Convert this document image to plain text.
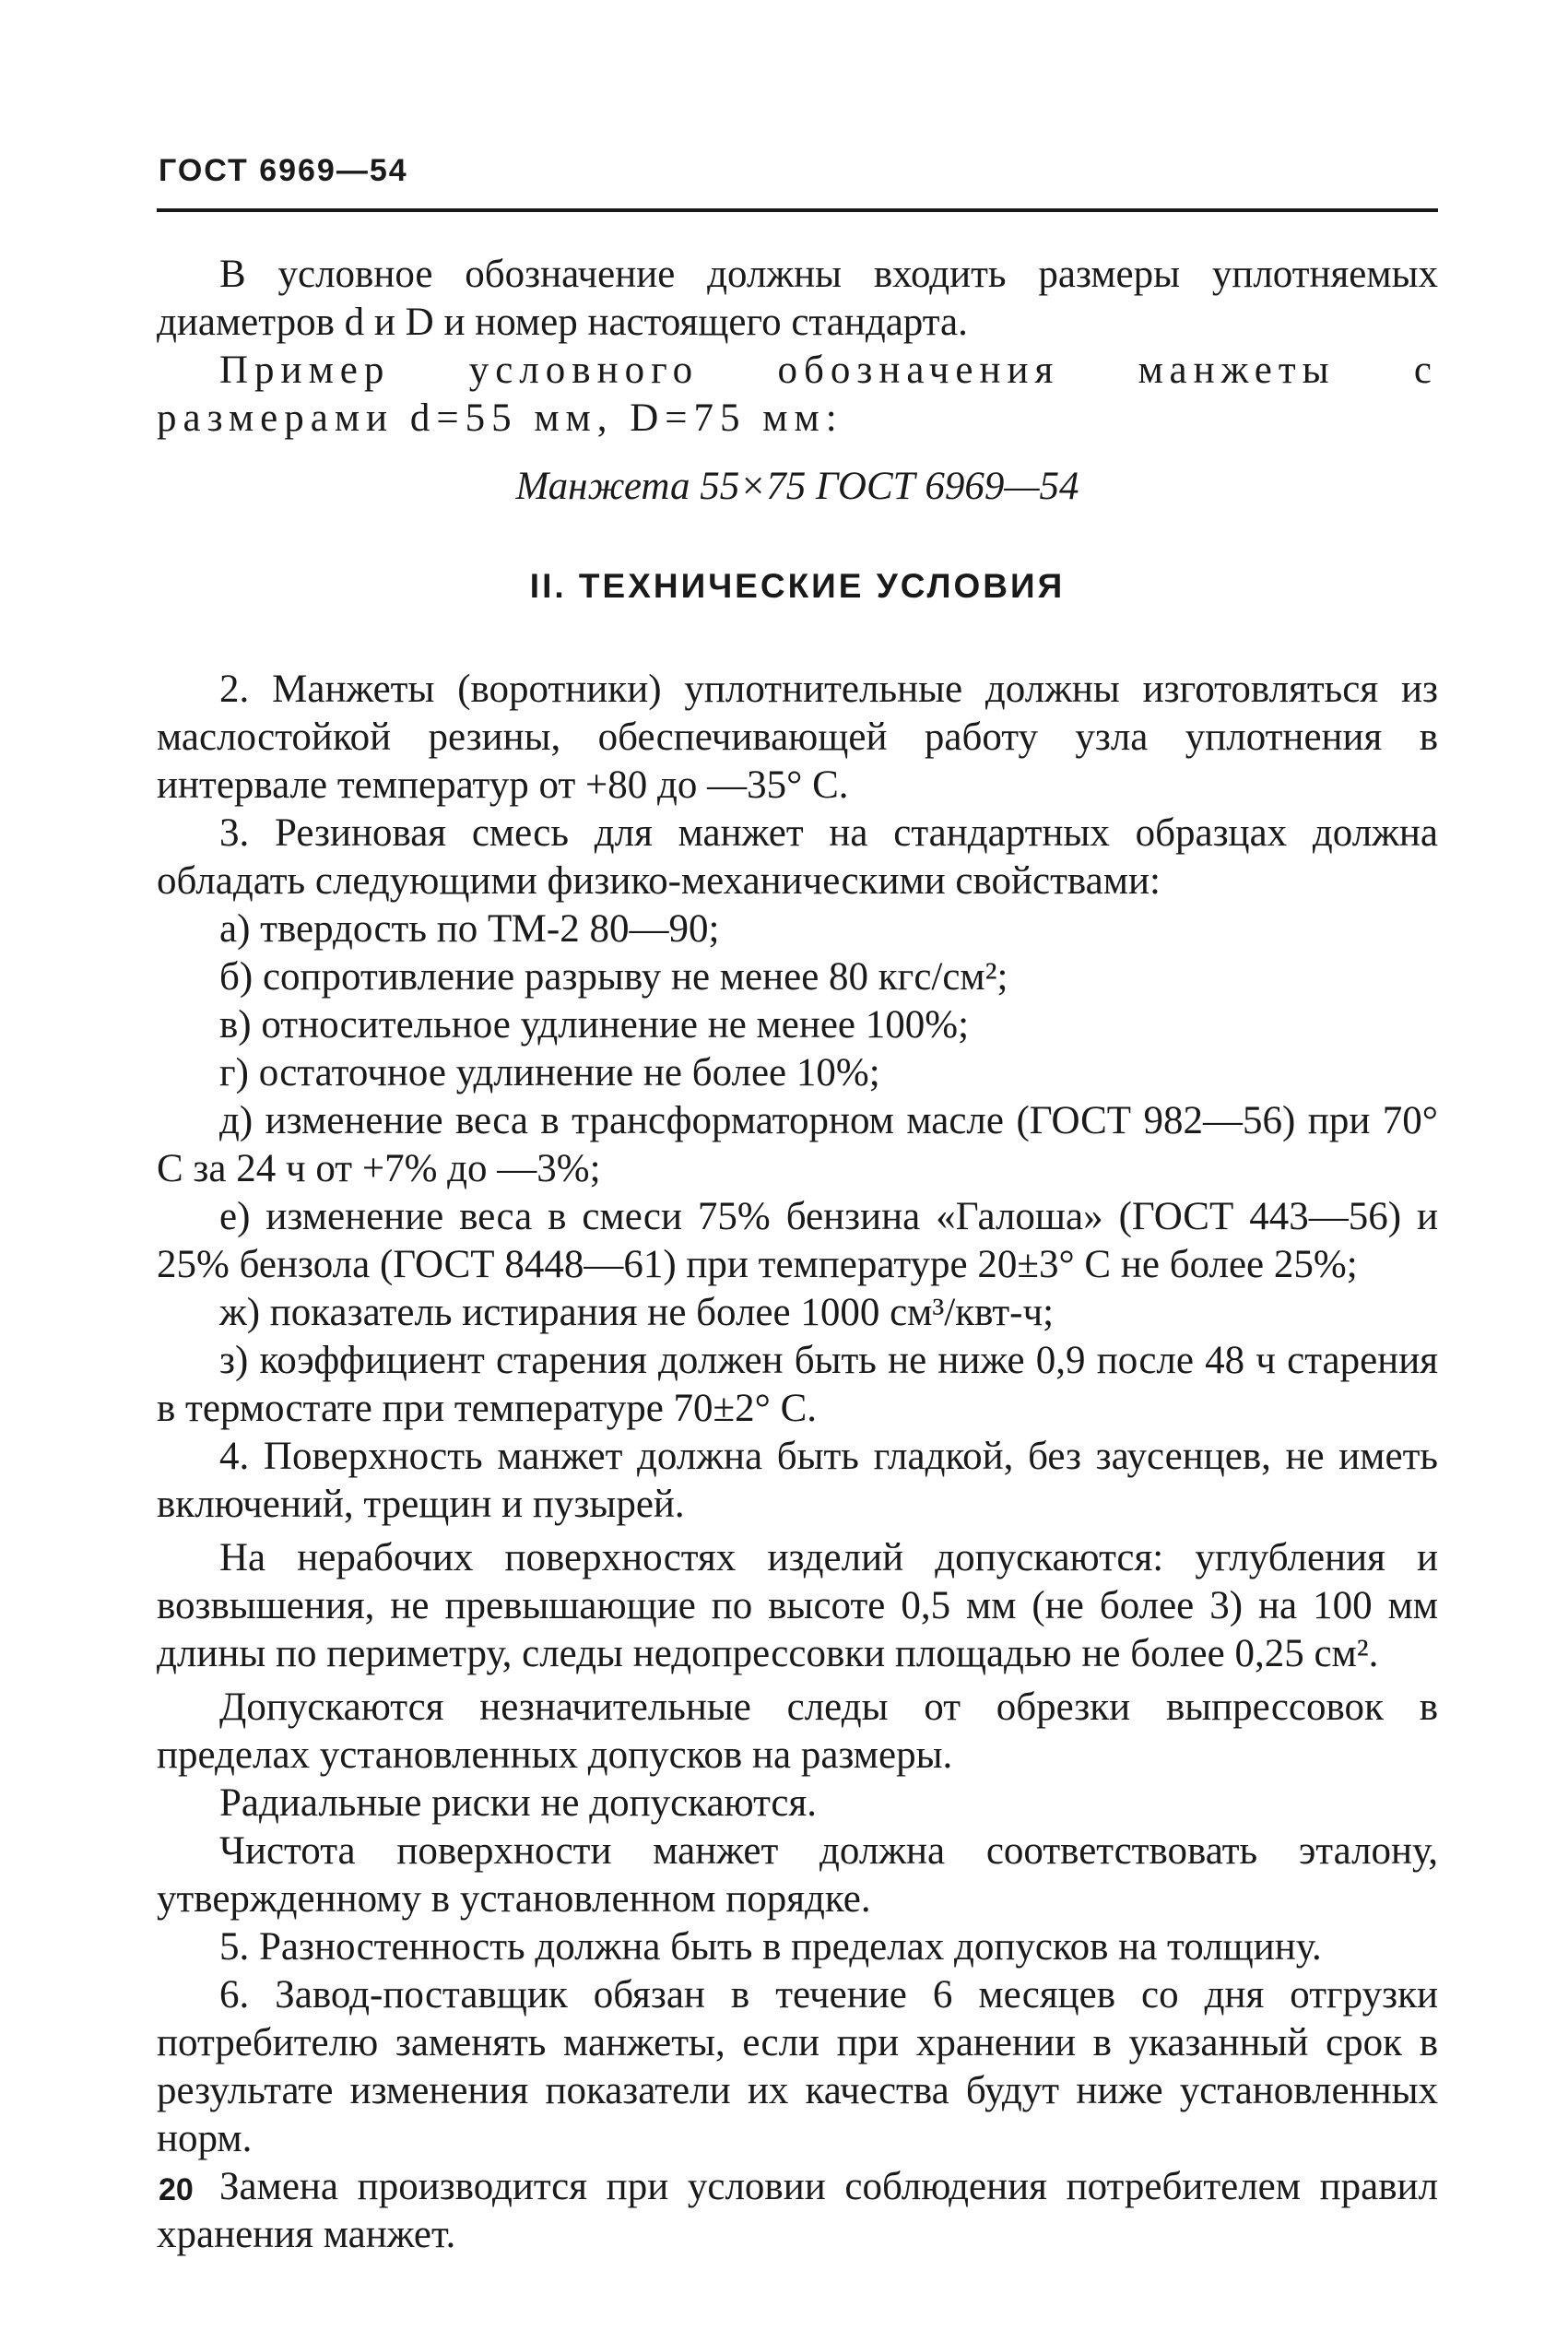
ГОСТ 6969—54

В условное обозначение должны входить размеры уплотняемых диаметров d и D и номер настоящего стандарта.

Пример условного обозначения манжеты с размерами d=55 мм, D=75 мм:

Манжета 55×75 ГОСТ 6969—54

II. ТЕХНИЧЕСКИЕ УСЛОВИЯ

2. Манжеты (воротники) уплотнительные должны изготовляться из маслостойкой резины, обеспечивающей работу узла уплотнения в интервале температур от +80 до —35° С.

3. Резиновая смесь для манжет на стандартных образцах должна обладать следующими физико-механическими свойствами:

а) твердость по ТМ-2 80—90;

б) сопротивление разрыву не менее 80 кгс/см²;

в) относительное удлинение не менее 100%;

г) остаточное удлинение не более 10%;

д) изменение веса в трансформаторном масле (ГОСТ 982—56) при 70° С за 24 ч от +7% до —3%;

е) изменение веса в смеси 75% бензина «Галоша» (ГОСТ 443—56) и 25% бензола (ГОСТ 8448—61) при температуре 20±3° С не более 25%;

ж) показатель истирания не более 1000 см³/квт-ч;

з) коэффициент старения должен быть не ниже 0,9 после 48 ч старения в термостате при температуре 70±2° С.

4. Поверхность манжет должна быть гладкой, без заусенцев, не иметь включений, трещин и пузырей.

На нерабочих поверхностях изделий допускаются: углубления и возвышения, не превышающие по высоте 0,5 мм (не более 3) на 100 мм длины по периметру, следы недопрессовки площадью не более 0,25 см².

Допускаются незначительные следы от обрезки выпрессовок в пределах установленных допусков на размеры.

Радиальные риски не допускаются.

Чистота поверхности манжет должна соответствовать эталону, утвержденному в установленном порядке.

5. Разностенность должна быть в пределах допусков на толщину.

6. Завод-поставщик обязан в течение 6 месяцев со дня отгрузки потребителю заменять манжеты, если при хранении в указанный срок в результате изменения показатели их качества будут ниже установленных норм.

Замена производится при условии соблюдения потребителем правил хранения манжет.

20
